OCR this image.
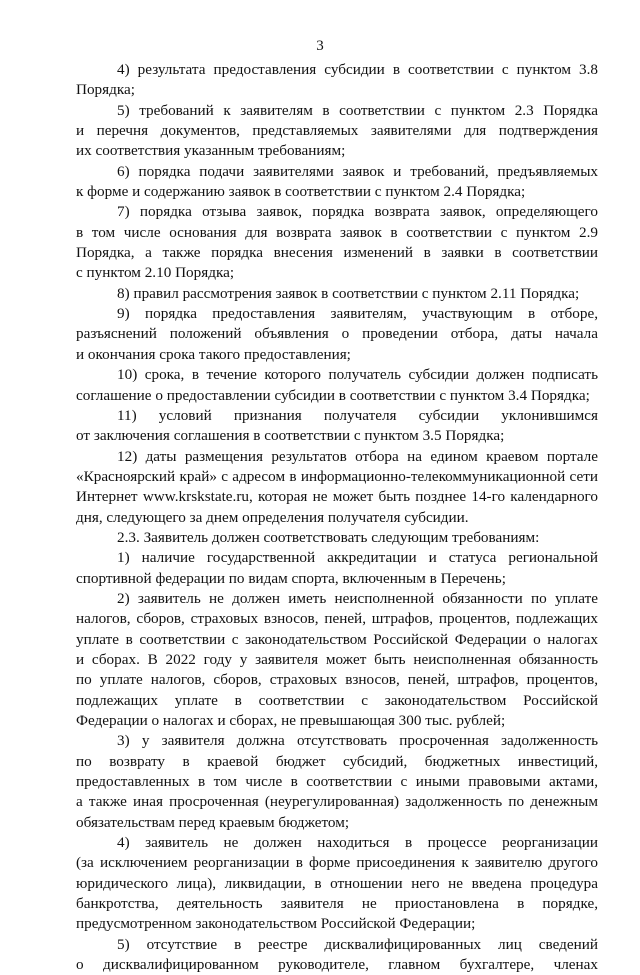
3
4) результата предоставления субсидии в соответствии с пунктом 3.8
Порядка;
5) требований к заявителям в соответствии с пунктом 2.3 Порядка
и перечня документов, представляемых заявителями для подтверждения
их соответствия указанным требованиям;
6) порядка подачи заявителями заявок и требований, предъявляемых
к форме и содержанию заявок в соответствии с пунктом 2.4 Порядка;
7) порядка отзыва заявок, порядка возврата заявок, определяющего
в том числе основания для возврата заявок в соответствии с пунктом 2.9
Порядка, а также порядка внесения изменений в заявки в соответствии
с пунктом 2.10 Порядка;
8) правил рассмотрения заявок в соответствии с пунктом 2.11 Порядка;
9) порядка предоставления заявителям, участвующим в отборе,
разъяснений положений объявления о проведении отбора, даты начала
и окончания срока такого предоставления;
10) срока, в течение которого получатель субсидии должен подписать
соглашение о предоставлении субсидии в соответствии с пунктом 3.4 Порядка;
11) условий признания получателя субсидии уклонившимся
от заключения соглашения в соответствии с пунктом 3.5 Порядка;
12) даты размещения результатов отбора на едином краевом портале
«Красноярский край» с адресом в информационно-телекоммуникационной сети
Интернет www.krskstate.ru, которая не может быть позднее 14-го календарного
дня, следующего за днем определения получателя субсидии.
2.3. Заявитель должен соответствовать следующим требованиям:
1) наличие государственной аккредитации и статуса региональной
спортивной федерации по видам спорта, включенным в Перечень;
2) заявитель не должен иметь неисполненной обязанности по уплате
налогов, сборов, страховых взносов, пеней, штрафов, процентов, подлежащих
уплате в соответствии с законодательством Российской Федерации о налогах
и сборах. В 2022 году у заявителя может быть неисполненная обязанность
по уплате налогов, сборов, страховых взносов, пеней, штрафов, процентов,
подлежащих уплате в соответствии с законодательством Российской
Федерации о налогах и сборах, не превышающая 300 тыс. рублей;
3) у заявителя должна отсутствовать просроченная задолженность
по возврату в краевой бюджет субсидий, бюджетных инвестиций,
предоставленных в том числе в соответствии с иными правовыми актами,
а также иная просроченная (неурегулированная) задолженность по денежным
обязательствам перед краевым бюджетом;
4) заявитель не должен находиться в процессе реорганизации
(за исключением реорганизации в форме присоединения к заявителю другого
юридического лица), ликвидации, в отношении него не введена процедура
банкротства, деятельность заявителя не приостановлена в порядке,
предусмотренном законодательством Российской Федерации;
5) отсутствие в реестре дисквалифицированных лиц сведений
о дисквалифицированном руководителе, главном бухгалтере, членах
